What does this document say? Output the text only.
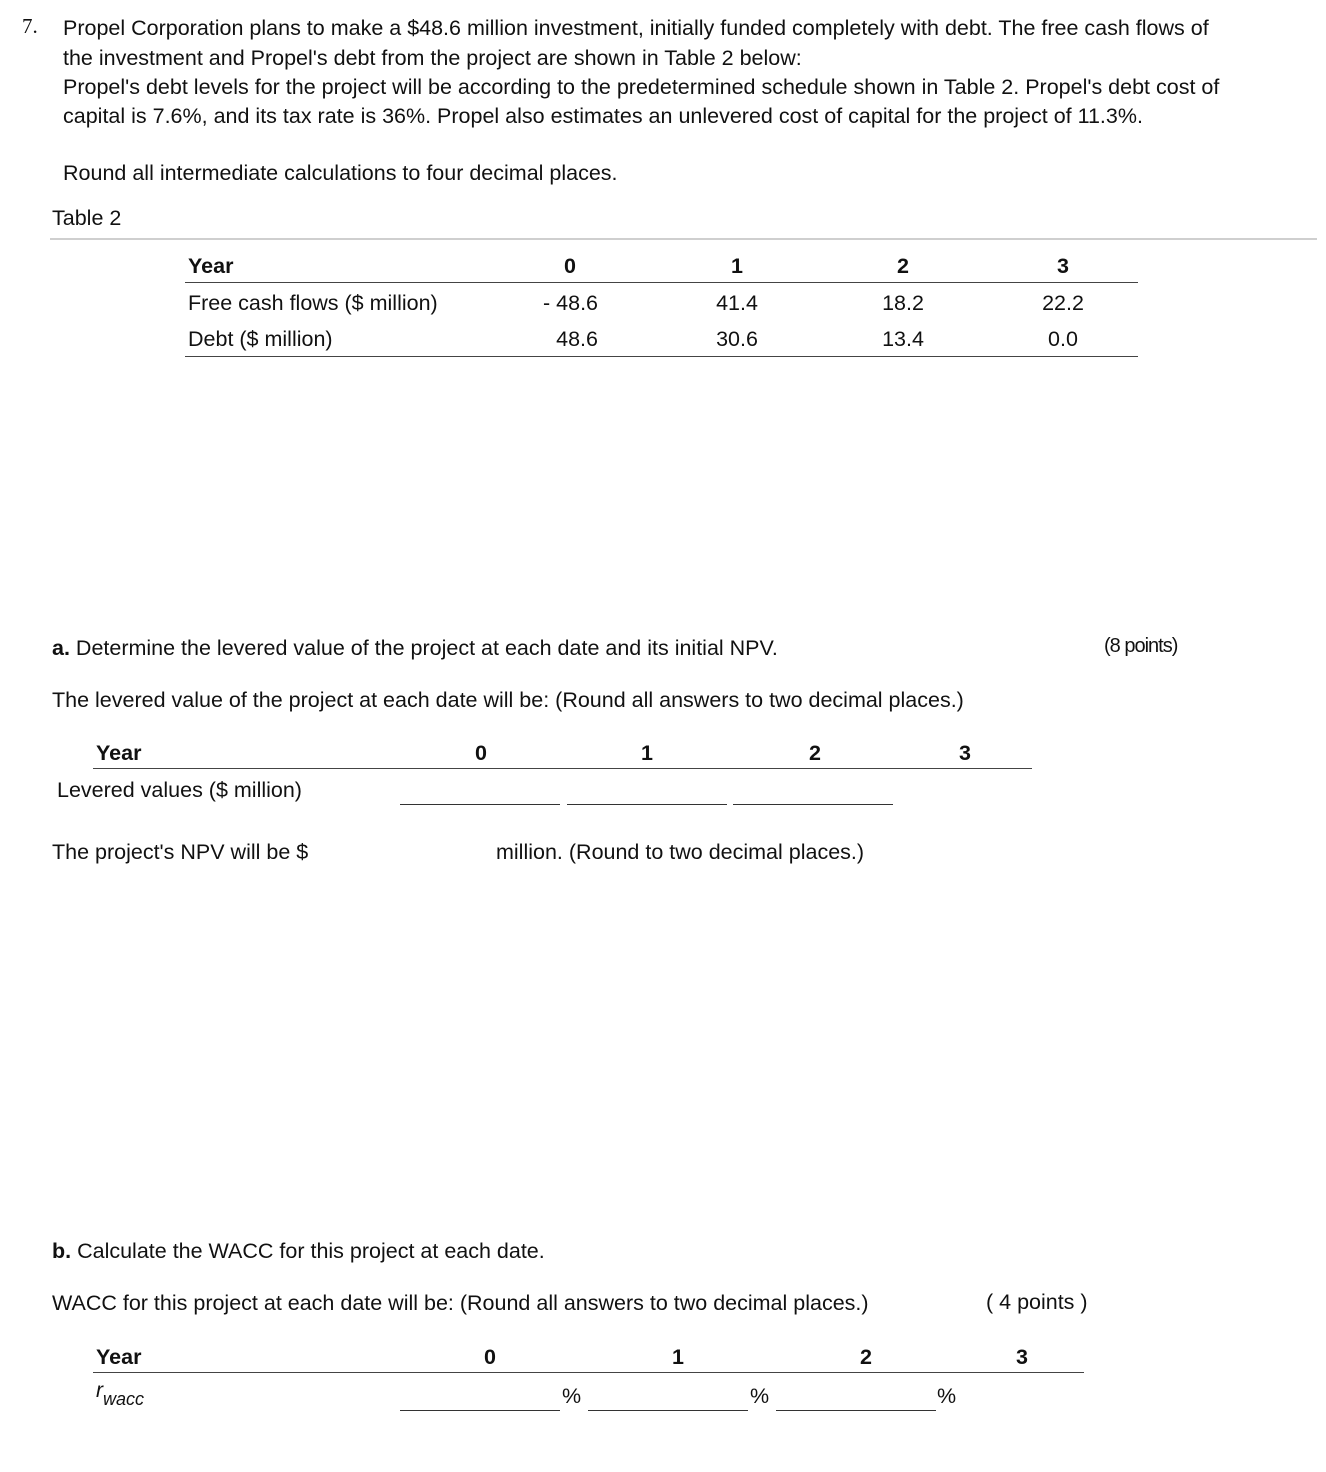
7. Propel Corporation plans to make a $48.6 million investment, initially funded completely with debt. The free cash flows of
the investment and Propel's debt from the project are shown in Table 2 below:
Propel's debt levels for the project will be according to the predetermined schedule shown in Table 2. Propel's debt cost of
capital is 7.6%, and its tax rate is 36%. Propel also estimates an unlevered cost of capital for the project of 11.3%.
Round all intermediate calculations to four decimal places.
Table 2
Year	0	1	2	3
Free cash flows ($ million)	- 48.6	41.4	18.2	22.2
Debt ($ million)	48.6	30.6	13.4	0.0
a. Determine the levered value of the project at each date and its initial NPV.	(8 points)
The levered value of the project at each date will be: (Round all answers to two decimal places.)
Year	0	1	2	3
Levered values ($ million)
The project's NPV will be $	million. (Round to two decimal places.)
b. Calculate the WACC for this project at each date.
WACC for this project at each date will be: (Round all answers to two decimal places.)	( 4 points )
Year	0	1	2	3
rwacc	%	%	%
